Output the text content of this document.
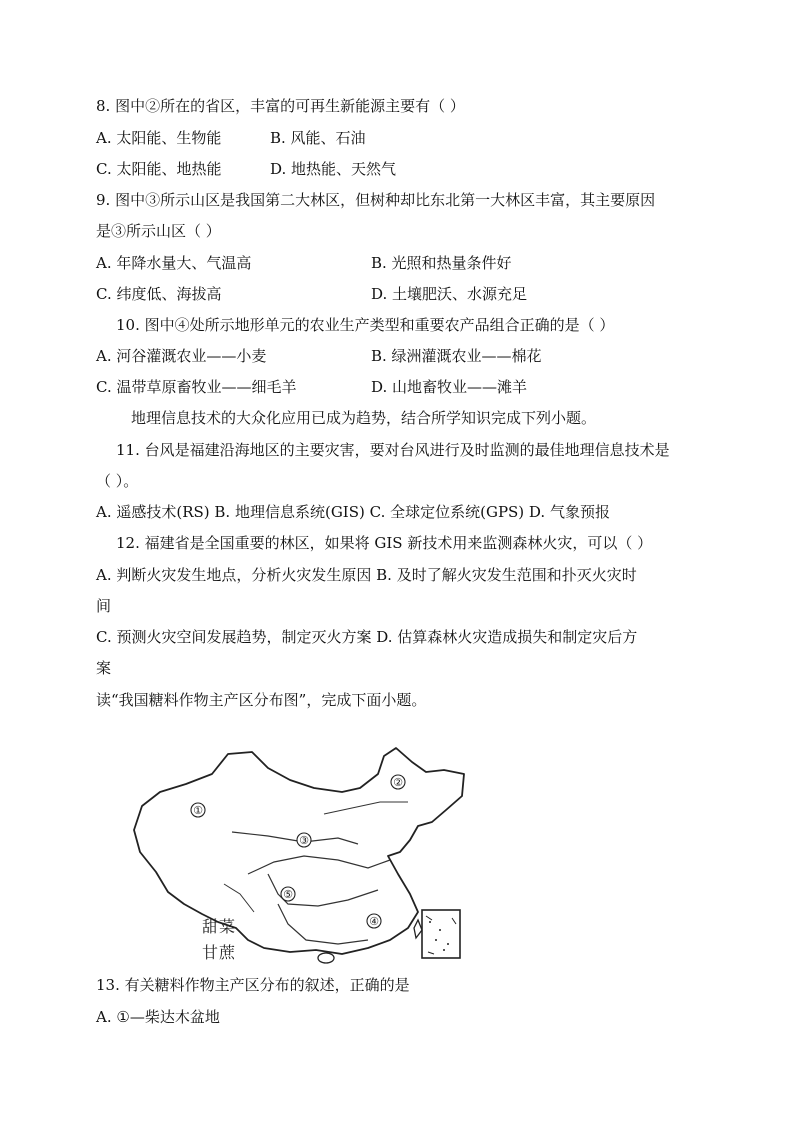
8. 图中②所在的省区，丰富的可再生新能源主要有（ ）
A. 太阳能、生物能	B. 风能、石油
C. 太阳能、地热能	D. 地热能、天然气
9. 图中③所示山区是我国第二大林区，但树种却比东北第一大林区丰富，其主要原因
是③所示山区（ ）
A. 年降水量大、气温高	B. 光照和热量条件好
C. 纬度低、海拔高	D. 土壤肥沃、水源充足
10. 图中④处所示地形单元的农业生产类型和重要农产品组合正确的是（ ）
A. 河谷灌溉农业——小麦	B. 绿洲灌溉农业——棉花
C. 温带草原畜牧业——细毛羊	D. 山地畜牧业——滩羊
地理信息技术的大众化应用已成为趋势，结合所学知识完成下列小题。
11. 台风是福建沿海地区的主要灾害，要对台风进行及时监测的最佳地理信息技术是
（ ）。
A. 遥感技术(RS) B. 地理信息系统(GIS) C. 全球定位系统(GPS) D. 气象预报
12. 福建省是全国重要的林区，如果将 GIS 新技术用来监测森林火灾，可以（ ）
A. 判断火灾发生地点，分析火灾发生原因 B. 及时了解火灾发生范围和扑灭火灾时
间
C. 预测火灾空间发展趋势，制定灭火方案 D. 估算森林火灾造成损失和制定灾后方
案
读“我国糖料作物主产区分布图”，完成下面小题。
①
②
③
④
⑤
甜菜
甘蔗
13. 有关糖料作物主产区分布的叙述，正确的是
A. ①—柴达木盆地
